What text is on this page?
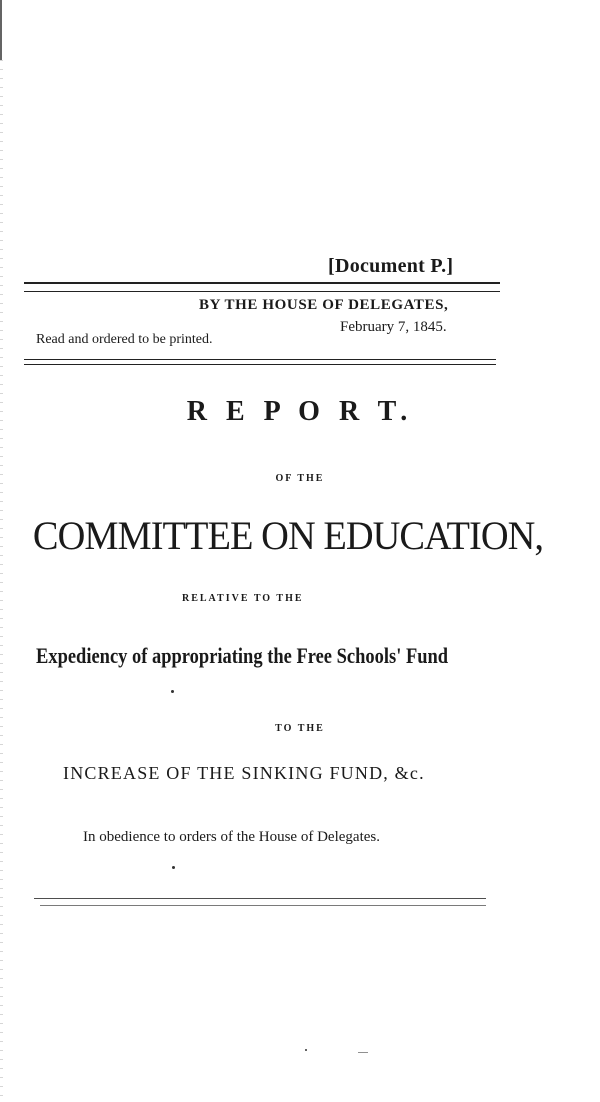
[Document P.]
BY THE HOUSE OF DELEGATES,
February 7, 1845.
Read and ordered to be printed.
R E P O R T.
OF THE
COMMITTEE ON EDUCATION,
RELATIVE TO THE
Expediency of appropriating the Free Schools' Fund
TO THE
INCREASE OF THE SINKING FUND, &c.
In obedience to orders of the House of Delegates.
